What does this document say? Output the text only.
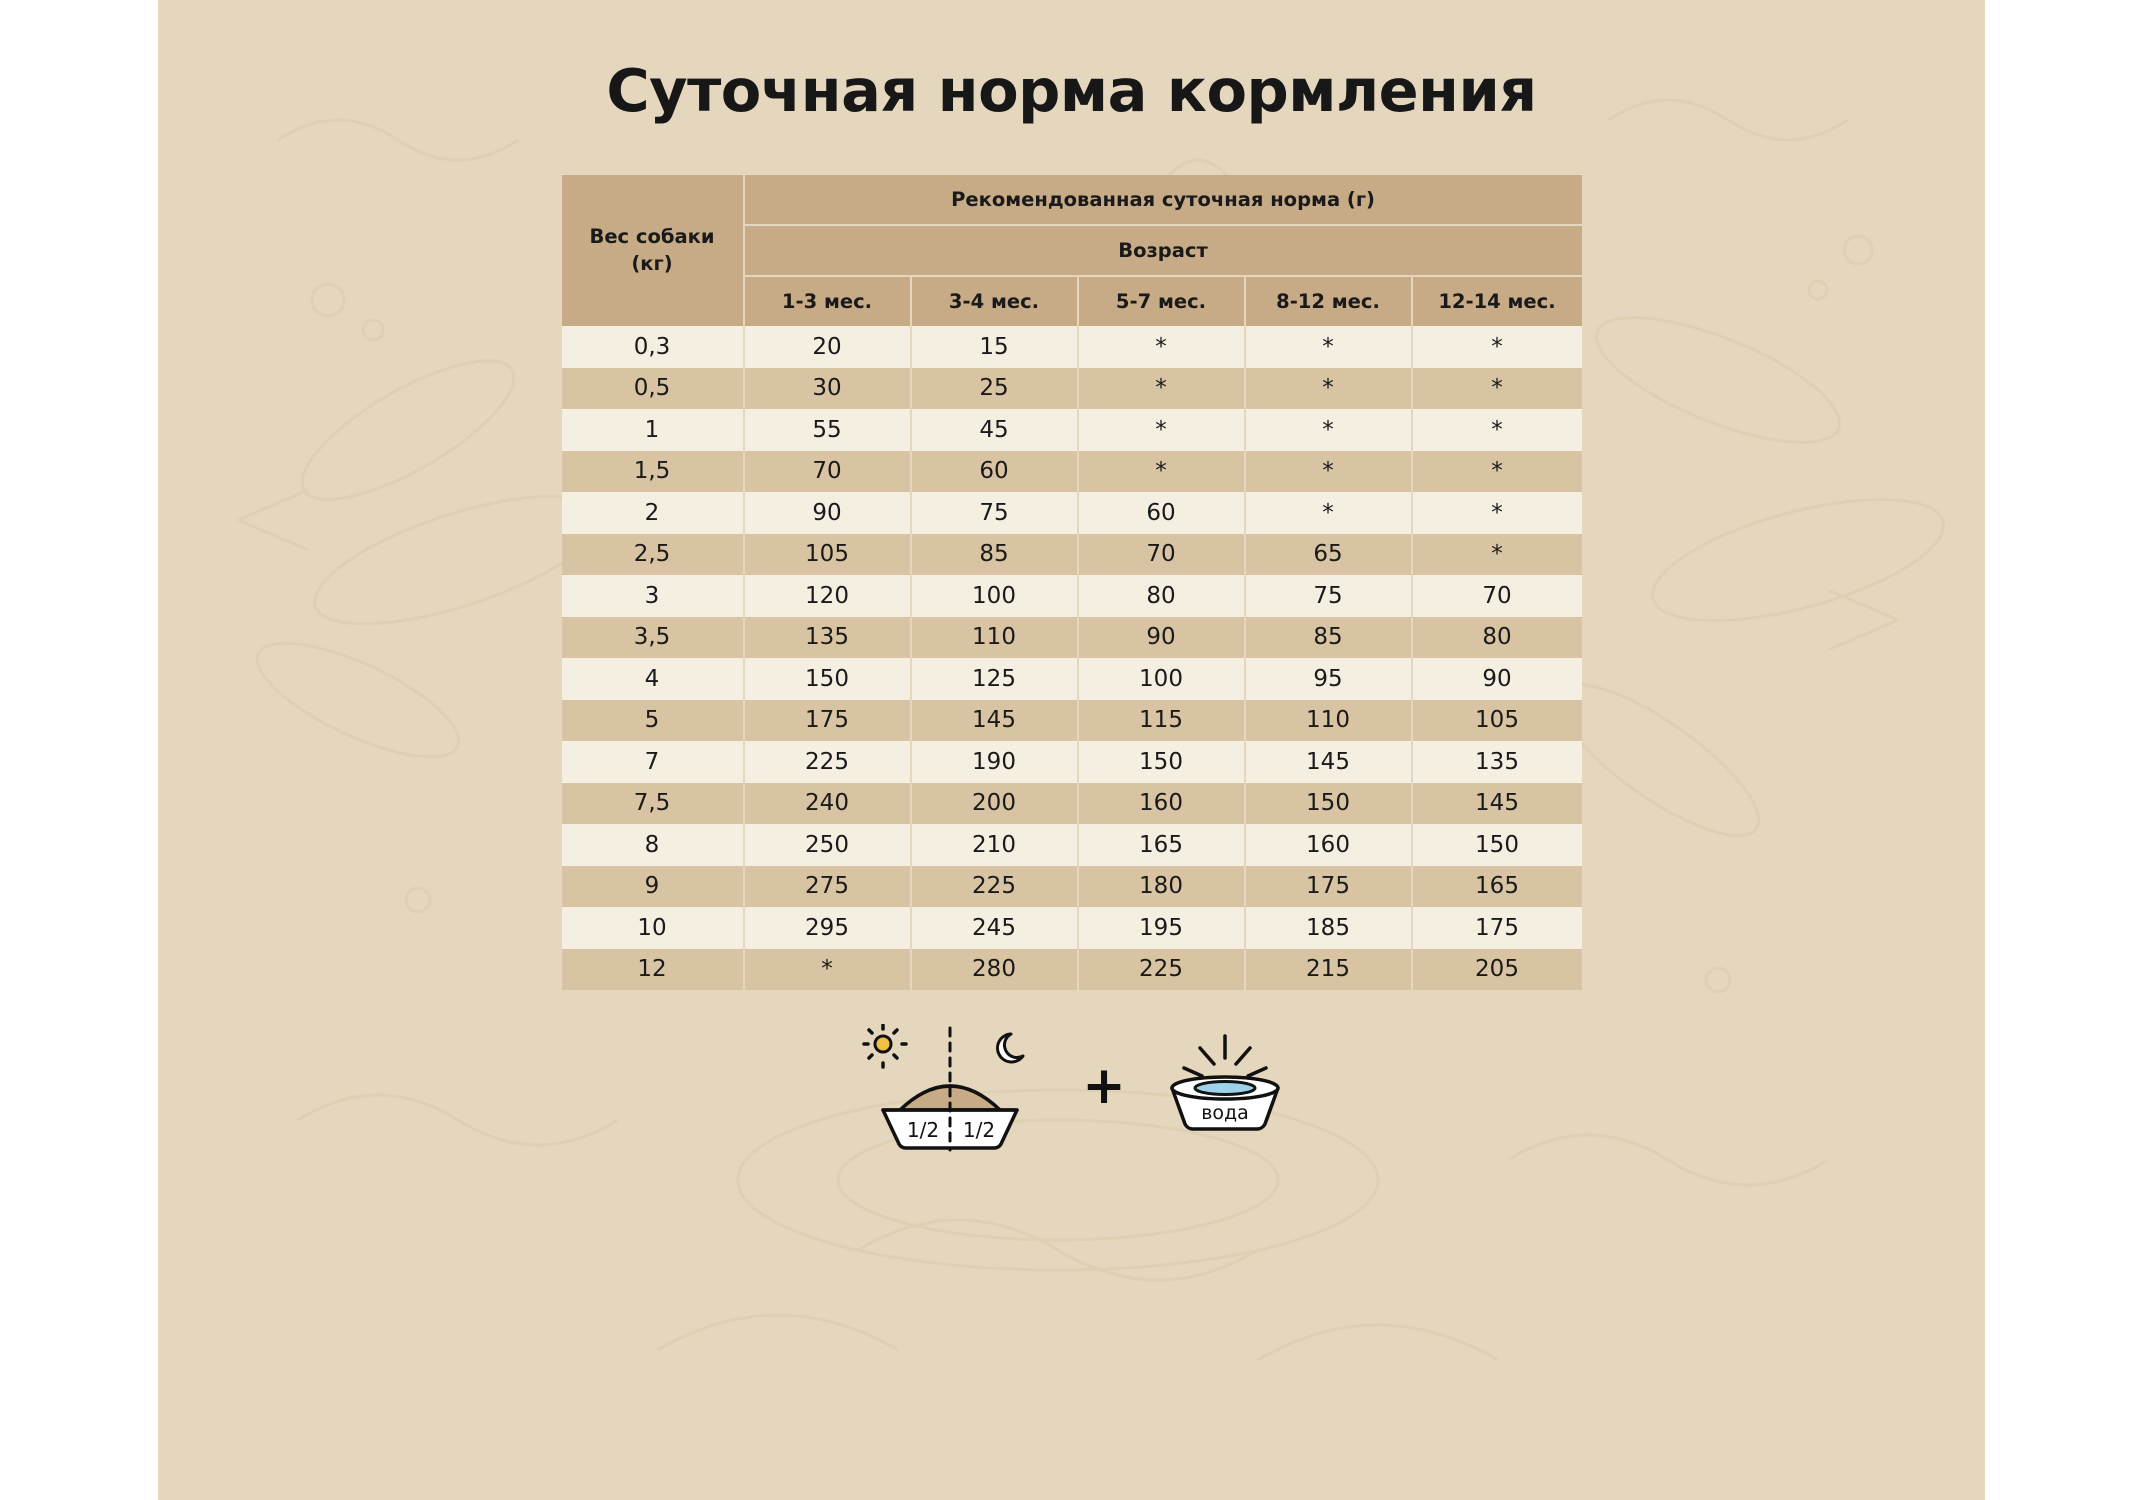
Суточная норма кормления
Вес собаки
(кг)	Рекомендованная суточная норма (г)				
	Возраст				
	1-3 мес.	3-4 мес.	5-7 мес.	8-12 мес.	12-14 мес.
0,3	20	15	*	*	*
0,5	30	25	*	*	*
1	55	45	*	*	*
1,5	70	60	*	*	*
2	90	75	60	*	*
2,5	105	85	70	65	*
3	120	100	80	75	70
3,5	135	110	90	85	80
4	150	125	100	95	90
5	175	145	115	110	105
7	225	190	150	145	135
7,5	240	200	160	150	145
8	250	210	165	160	150
9	275	225	180	175	165
10	295	245	195	185	175
12	*	280	225	215	205
1/2 1/2
+	вода
